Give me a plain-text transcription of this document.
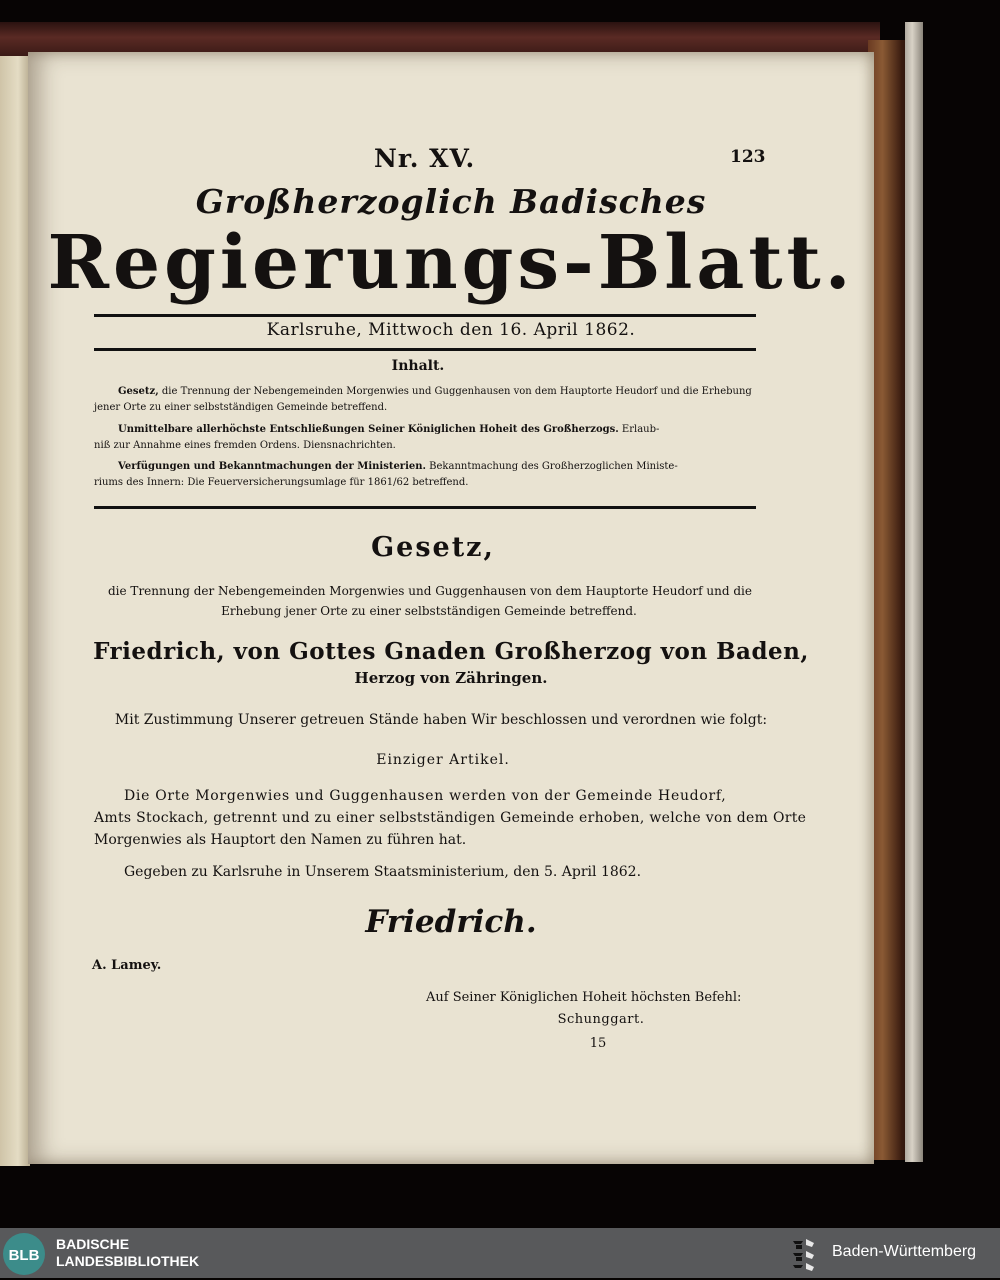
Nr. XV.	123
Großherzoglich Badisches
Regierungs-Blatt.
Karlsruhe, Mittwoch den 16. April 1862.
Inhalt.
Gesetz, die Trennung der Nebengemeinden Morgenwies und Guggenhausen von dem Hauptorte Heudorf und die Erhebung
jener Orte zu einer selbstständigen Gemeinde betreffend.
Unmittelbare allerhöchste Entschließungen Seiner Königlichen Hoheit des Großherzogs. Erlaub-
niß zur Annahme eines fremden Ordens. Diensnachrichten.
Verfügungen und Bekanntmachungen der Ministerien. Bekanntmachung des Großherzoglichen Ministe-
riums des Innern: Die Feuerversicherungsumlage für 1861/62 betreffend.
Gesetz,
die Trennung der Nebengemeinden Morgenwies und Guggenhausen von dem Hauptorte Heudorf und die
Erhebung jener Orte zu einer selbstständigen Gemeinde betreffend.
Friedrich, von Gottes Gnaden Großherzog von Baden,
Herzog von Zähringen.
Mit Zustimmung Unserer getreuen Stände haben Wir beschlossen und verordnen wie folgt:
Einziger Artikel.
Die Orte Morgenwies und Guggenhausen werden von der Gemeinde Heudorf,
Amts Stockach, getrennt und zu einer selbstständigen Gemeinde erhoben, welche von dem Orte
Morgenwies als Hauptort den Namen zu führen hat.
Gegeben zu Karlsruhe in Unserem Staatsministerium, den 5. April 1862.
Friedrich.
A. Lamey.
Auf Seiner Königlichen Hoheit höchsten Befehl:
Schunggart.
15
BLB
BADISCHE
LANDESBIBLIOTHEK
Baden-Württemberg
